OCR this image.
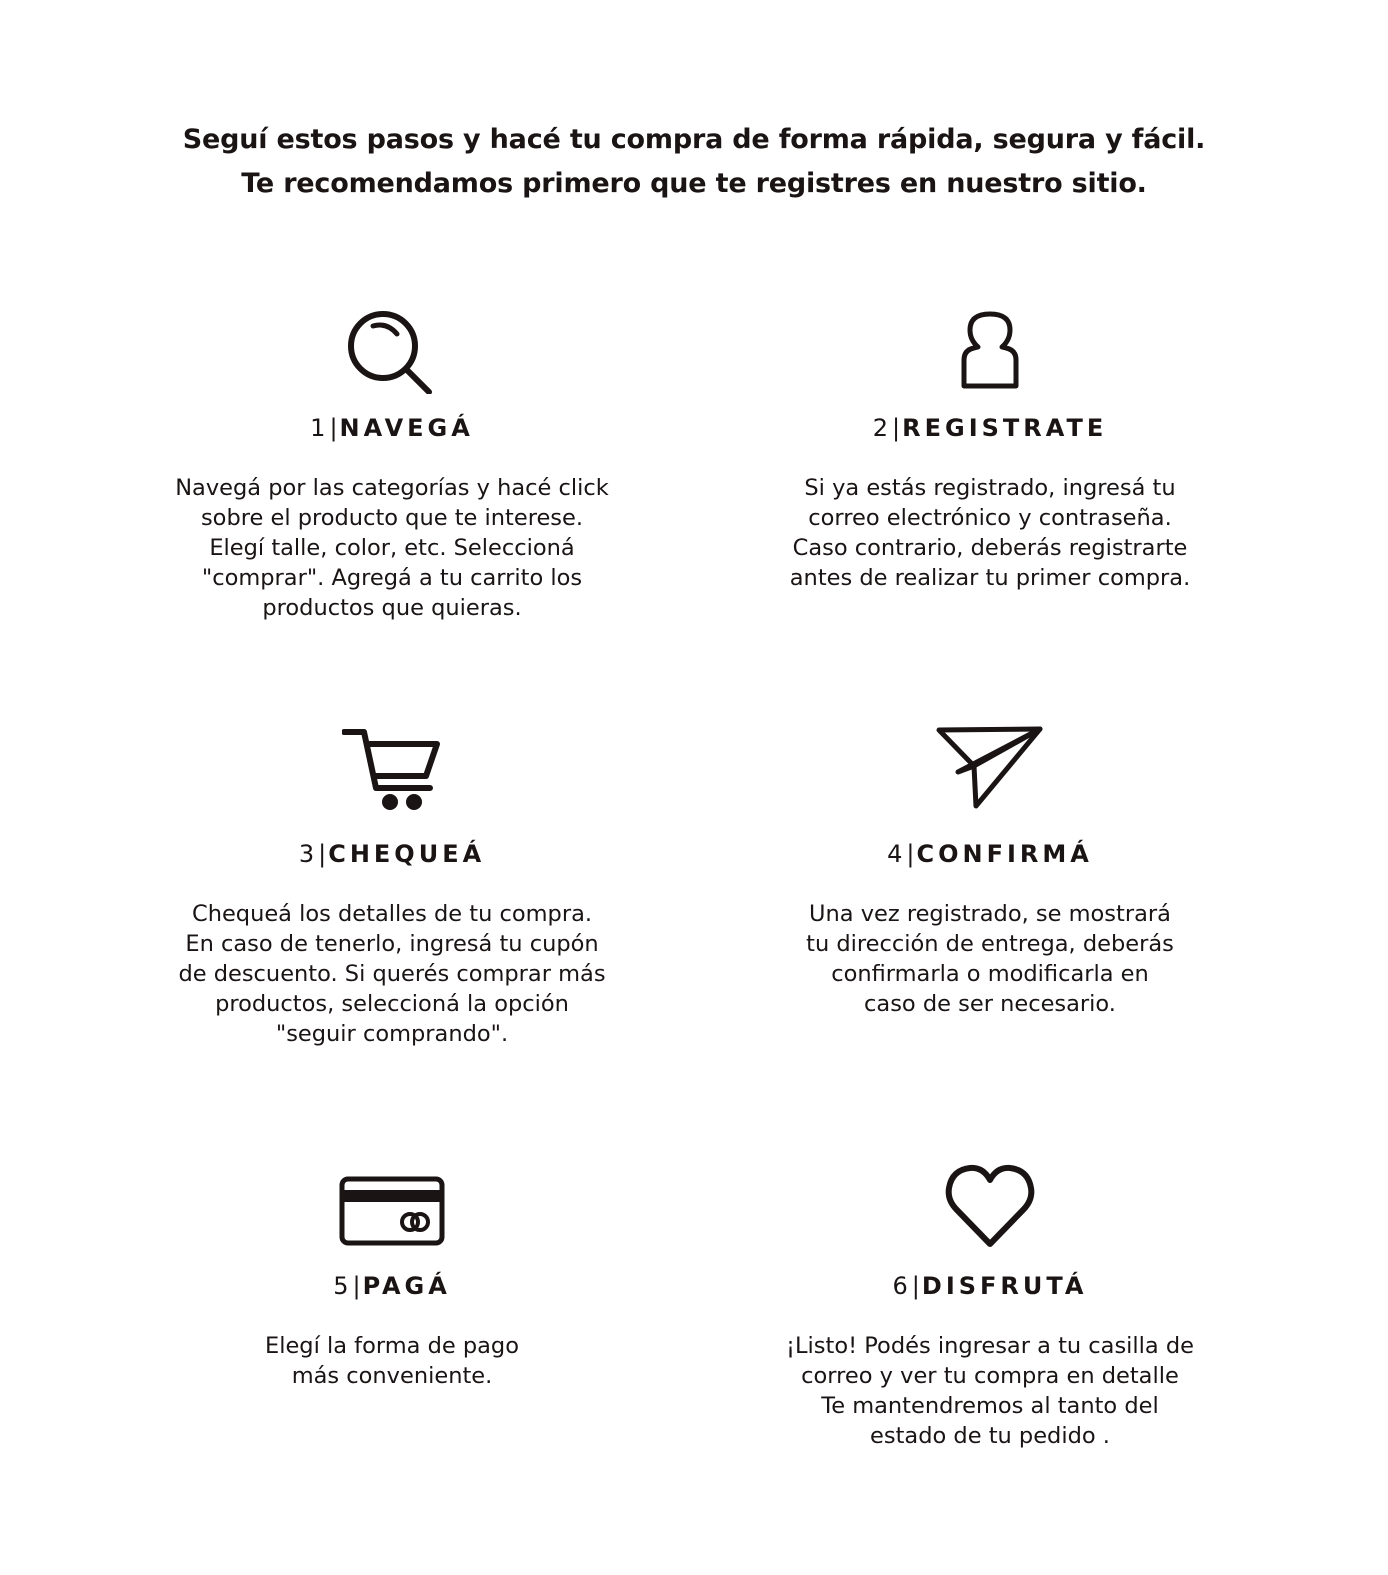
Seguí estos pasos y hacé tu compra de forma rápida, segura y fácil.
Te recomendamos primero que te registres en nuestro sitio.
1|NAVEGÁ
Navegá por las categorías y hacé click
sobre el producto que te interese.
Elegí talle, color, etc. Seleccioná
"comprar". Agregá a tu carrito los
productos que quieras.
2|REGISTRATE
Si ya estás registrado, ingresá tu
correo electrónico y contraseña.
Caso contrario, deberás registrarte
antes de realizar tu primer compra.
3|CHEQUEÁ
Chequeá los detalles de tu compra.
En caso de tenerlo, ingresá tu cupón
de descuento. Si querés comprar más
productos, seleccioná la opción
"seguir comprando".
4|CONFIRMÁ
Una vez registrado, se mostrará
tu dirección de entrega, deberás
confirmarla o modificarla en
caso de ser necesario.
5|PAGÁ
Elegí la forma de pago
más conveniente.
6|DISFRUTÁ
¡Listo! Podés ingresar a tu casilla de
correo y ver tu compra en detalle
Te mantendremos al tanto del
estado de tu pedido .
